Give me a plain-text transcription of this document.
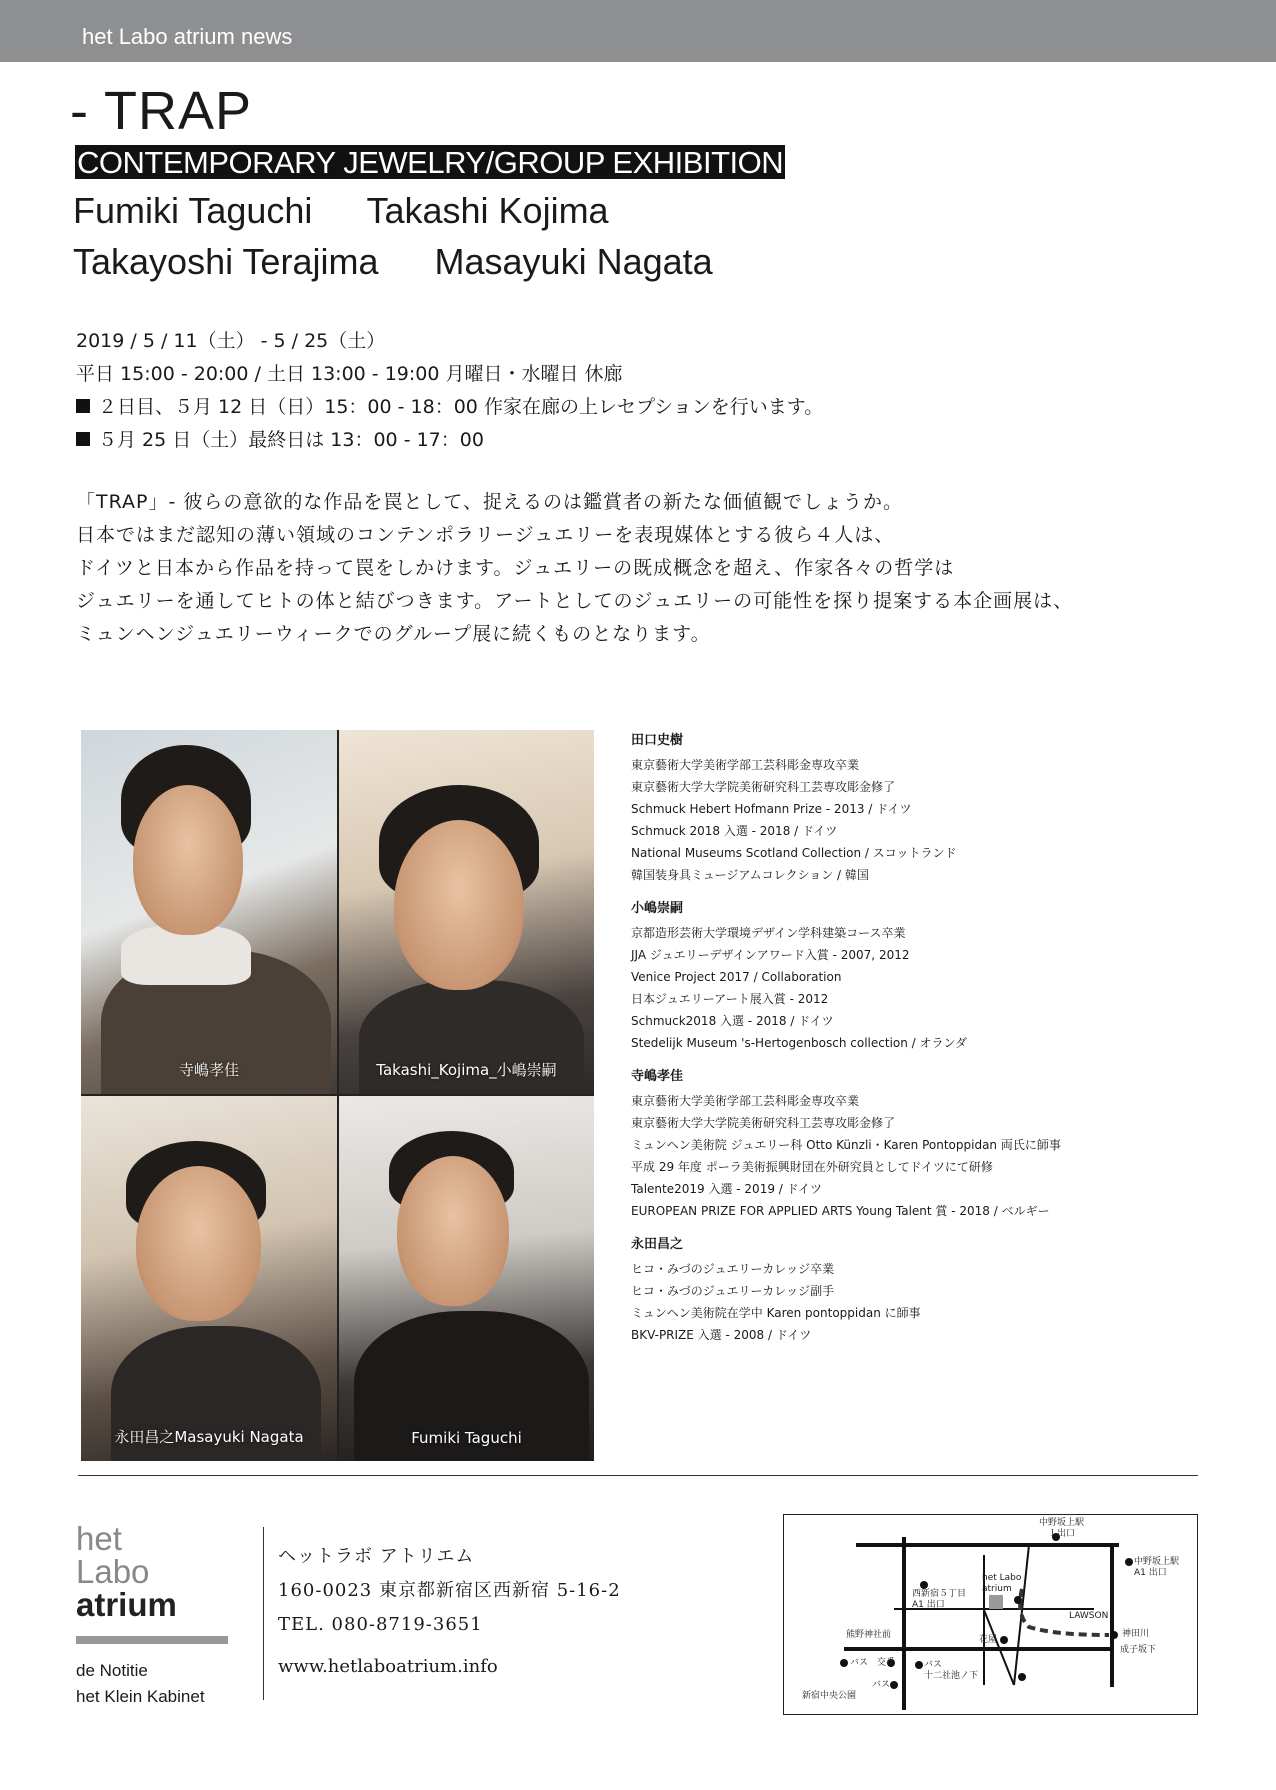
het Labo atrium news
- TRAP
CONTEMPORARY JEWELRY/GROUP EXHIBITION
Fumiki Taguchi Takashi Kojima
Takayoshi Terajima Masayuki Nagata
2019 / 5 / 11（土） - 5 / 25（土）
平日 15:00 - 20:00 / 土日 13:00 - 19:00 月曜日・水曜日 休廊
２日目、５月 12 日（日）15：00 - 18：00 作家在廊の上レセプションを行います。
５月 25 日（土）最終日は 13：00 - 17：00
「TRAP」- 彼らの意欲的な作品を罠として、捉えるのは鑑賞者の新たな価値観でしょうか。
日本ではまだ認知の薄い領域のコンテンポラリージュエリーを表現媒体とする彼ら４人は、
ドイツと日本から作品を持って罠をしかけます。ジュエリーの既成概念を超え、作家各々の哲学は
ジュエリーを通してヒトの体と結びつきます。アートとしてのジュエリーの可能性を探り提案する本企画展は、
ミュンヘンジュエリーウィークでのグループ展に続くものとなります。
寺嶋孝佳	Takashi_Kojima_小嶋崇嗣
永田昌之Masayuki Nagata	Fumiki Taguchi
田口史樹
東京藝術大学美術学部工芸科彫金専攻卒業
東京藝術大学大学院美術研究科工芸専攻彫金修了
Schmuck Hebert Hofmann Prize - 2013 / ドイツ
Schmuck 2018 入選 - 2018 / ドイツ
National Museums Scotland Collection / スコットランド
韓国装身具ミュージアムコレクション / 韓国
小嶋崇嗣
京都造形芸術大学環境デザイン学科建築コース卒業
JJA ジュエリーデザインアワード入賞 - 2007, 2012
Venice Project 2017 / Collaboration
日本ジュエリーアート展入賞 - 2012
Schmuck2018 入選 - 2018 / ドイツ
Stedelijk Museum 's-Hertogenbosch collection / オランダ
寺嶋孝佳
東京藝術大学美術学部工芸科彫金専攻卒業
東京藝術大学大学院美術研究科工芸専攻彫金修了
ミュンヘン美術院 ジュエリー科 Otto Künzli・Karen Pontoppidan 両氏に師事
平成 29 年度 ポーラ美術振興財団在外研究員としてドイツにて研修
Talente2019 入選 - 2019 / ドイツ
EUROPEAN PRIZE FOR APPLIED ARTS Young Talent 賞 - 2018 / ベルギー
永田昌之
ヒコ・みづのジュエリーカレッジ卒業
ヒコ・みづのジュエリーカレッジ副手
ミュンヘン美術院在学中 Karen pontoppidan に師事
BKV-PRIZE 入選 - 2008 / ドイツ
het
Labo
atrium
de Notitie
het Klein Kabinet
ヘットラボ アトリエム
160-0023 東京都新宿区西新宿 5-16-2
TEL. 080-8719-3651
www.hetlaboatrium.info
中野坂上駅
１出口
中野坂上駅
A1 出口
西新宿５丁目
A1 出口
het Labo
atrium
LAWSON
神田川
成子坂下
熊野神社前	花屋
バス　交番	バス
十二社池ノ下
バス
新宿中央公園
